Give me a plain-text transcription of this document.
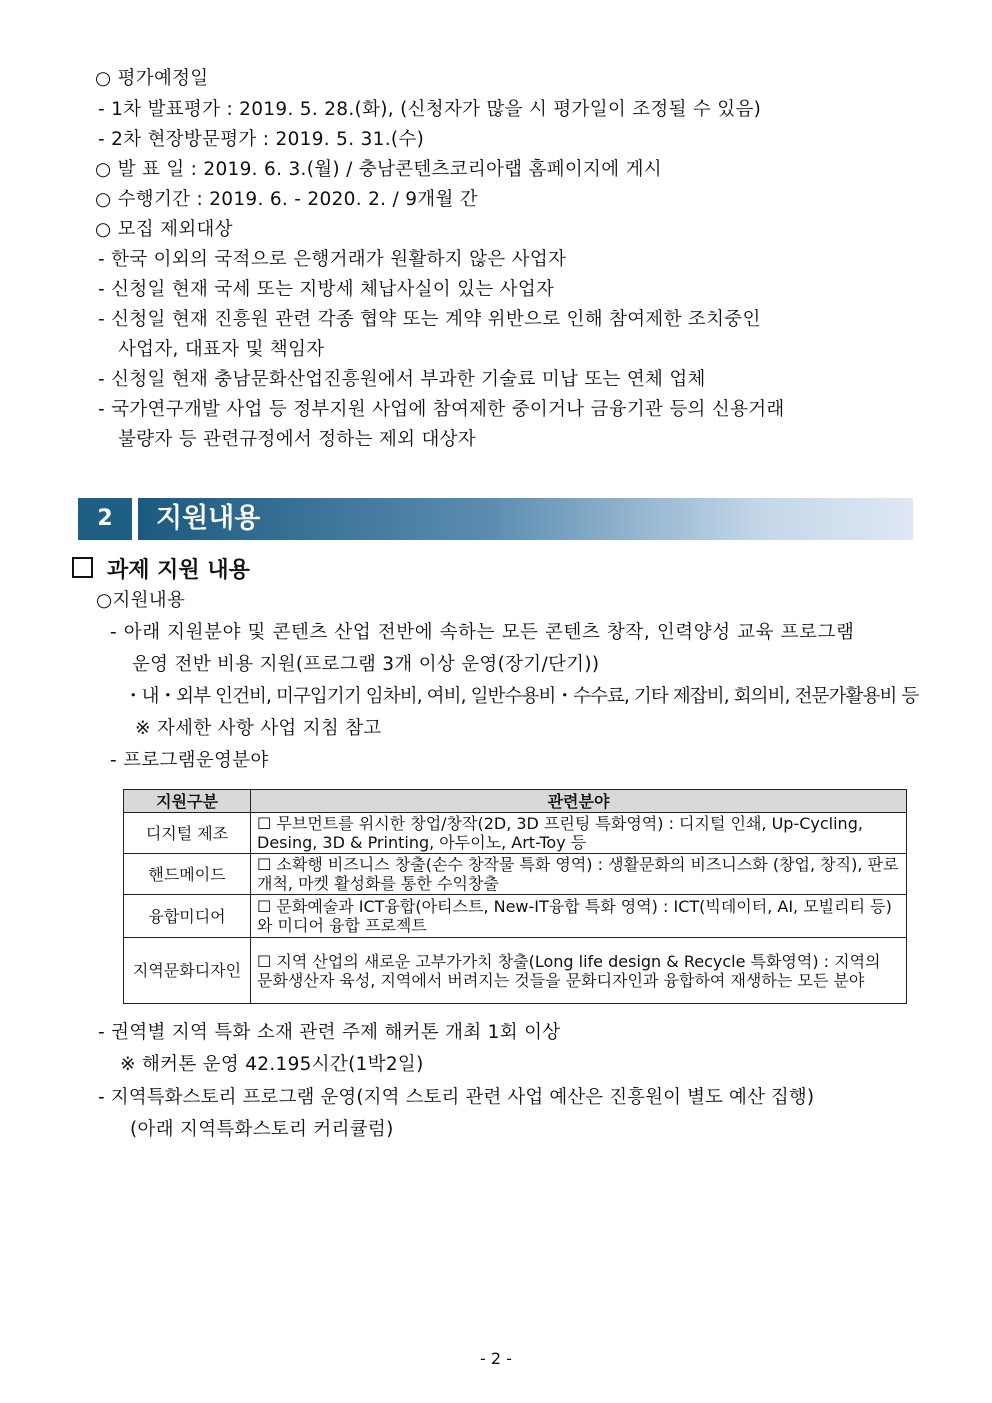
○ 평가예정일
- 1차 발표평가 : 2019. 5. 28.(화), (신청자가 많을 시 평가일이 조정될 수 있음)
- 2차 현장방문평가 : 2019. 5. 31.(수)
○ 발 표 일 : 2019. 6. 3.(월) / 충남콘텐츠코리아랩 홈페이지에 게시
○ 수행기간 : 2019. 6. - 2020. 2. / 9개월 간
○ 모집 제외대상
- 한국 이외의 국적으로 은행거래가 원활하지 않은 사업자
- 신청일 현재 국세 또는 지방세 체납사실이 있는 사업자
- 신청일 현재 진흥원 관련 각종 협약 또는 계약 위반으로 인해 참여제한 조치중인
사업자, 대표자 및 책임자
- 신청일 현재 충남문화산업진흥원에서 부과한 기술료 미납 또는 연체 업체
- 국가연구개발 사업 등 정부지원 사업에 참여제한 중이거나 금융기관 등의 신용거래
불량자 등 관련규정에서 정하는 제외 대상자
2	지원내용
과제 지원 내용
○지원내용
- 아래 지원분야 및 콘텐츠 산업 전반에 속하는 모든 콘텐츠 창작, 인력양성 교육 프로그램
운영 전반 비용 지원(프로그램 3개 이상 운영(장기/단기))
・내・외부 인건비, 미구입기기 임차비, 여비, 일반수용비・수수료, 기타 제잡비, 회의비, 전문가활용비 등
※ 자세한 사항 사업 지침 참고
- 프로그램운영분야
지원구분	관련분야
디지털 제조	☐ 무브먼트를 위시한 창업/창작(2D, 3D 프린팅 특화영역) : 디지털 인쇄, Up-Cycling, Desing, 3D & Printing, 아두이노, Art-Toy 등
핸드메이드	☐ 소확행 비즈니스 창출(손수 창작물 특화 영역) : 생활문화의 비즈니스화 (창업, 창직), 판로개척, 마켓 활성화를 통한 수익창출
융합미디어	☐ 문화예술과 ICT융합(아티스트, New-IT융합 특화 영역) : ICT(빅데이터, AI, 모빌리티 등)와 미디어 융합 프로젝트
지역문화디자인	☐ 지역 산업의 새로운 고부가가치 창출(Long life design & Recycle 특화영역) : 지역의 문화생산자 육성, 지역에서 버려지는 것들을 문화디자인과 융합하여 재생하는 모든 분야
- 권역별 지역 특화 소재 관련 주제 해커톤 개최 1회 이상
※ 해커톤 운영 42.195시간(1박2일)
- 지역특화스토리 프로그램 운영(지역 스토리 관련 사업 예산은 진흥원이 별도 예산 집행)
(아래 지역특화스토리 커리큘럼)
- 2 -
